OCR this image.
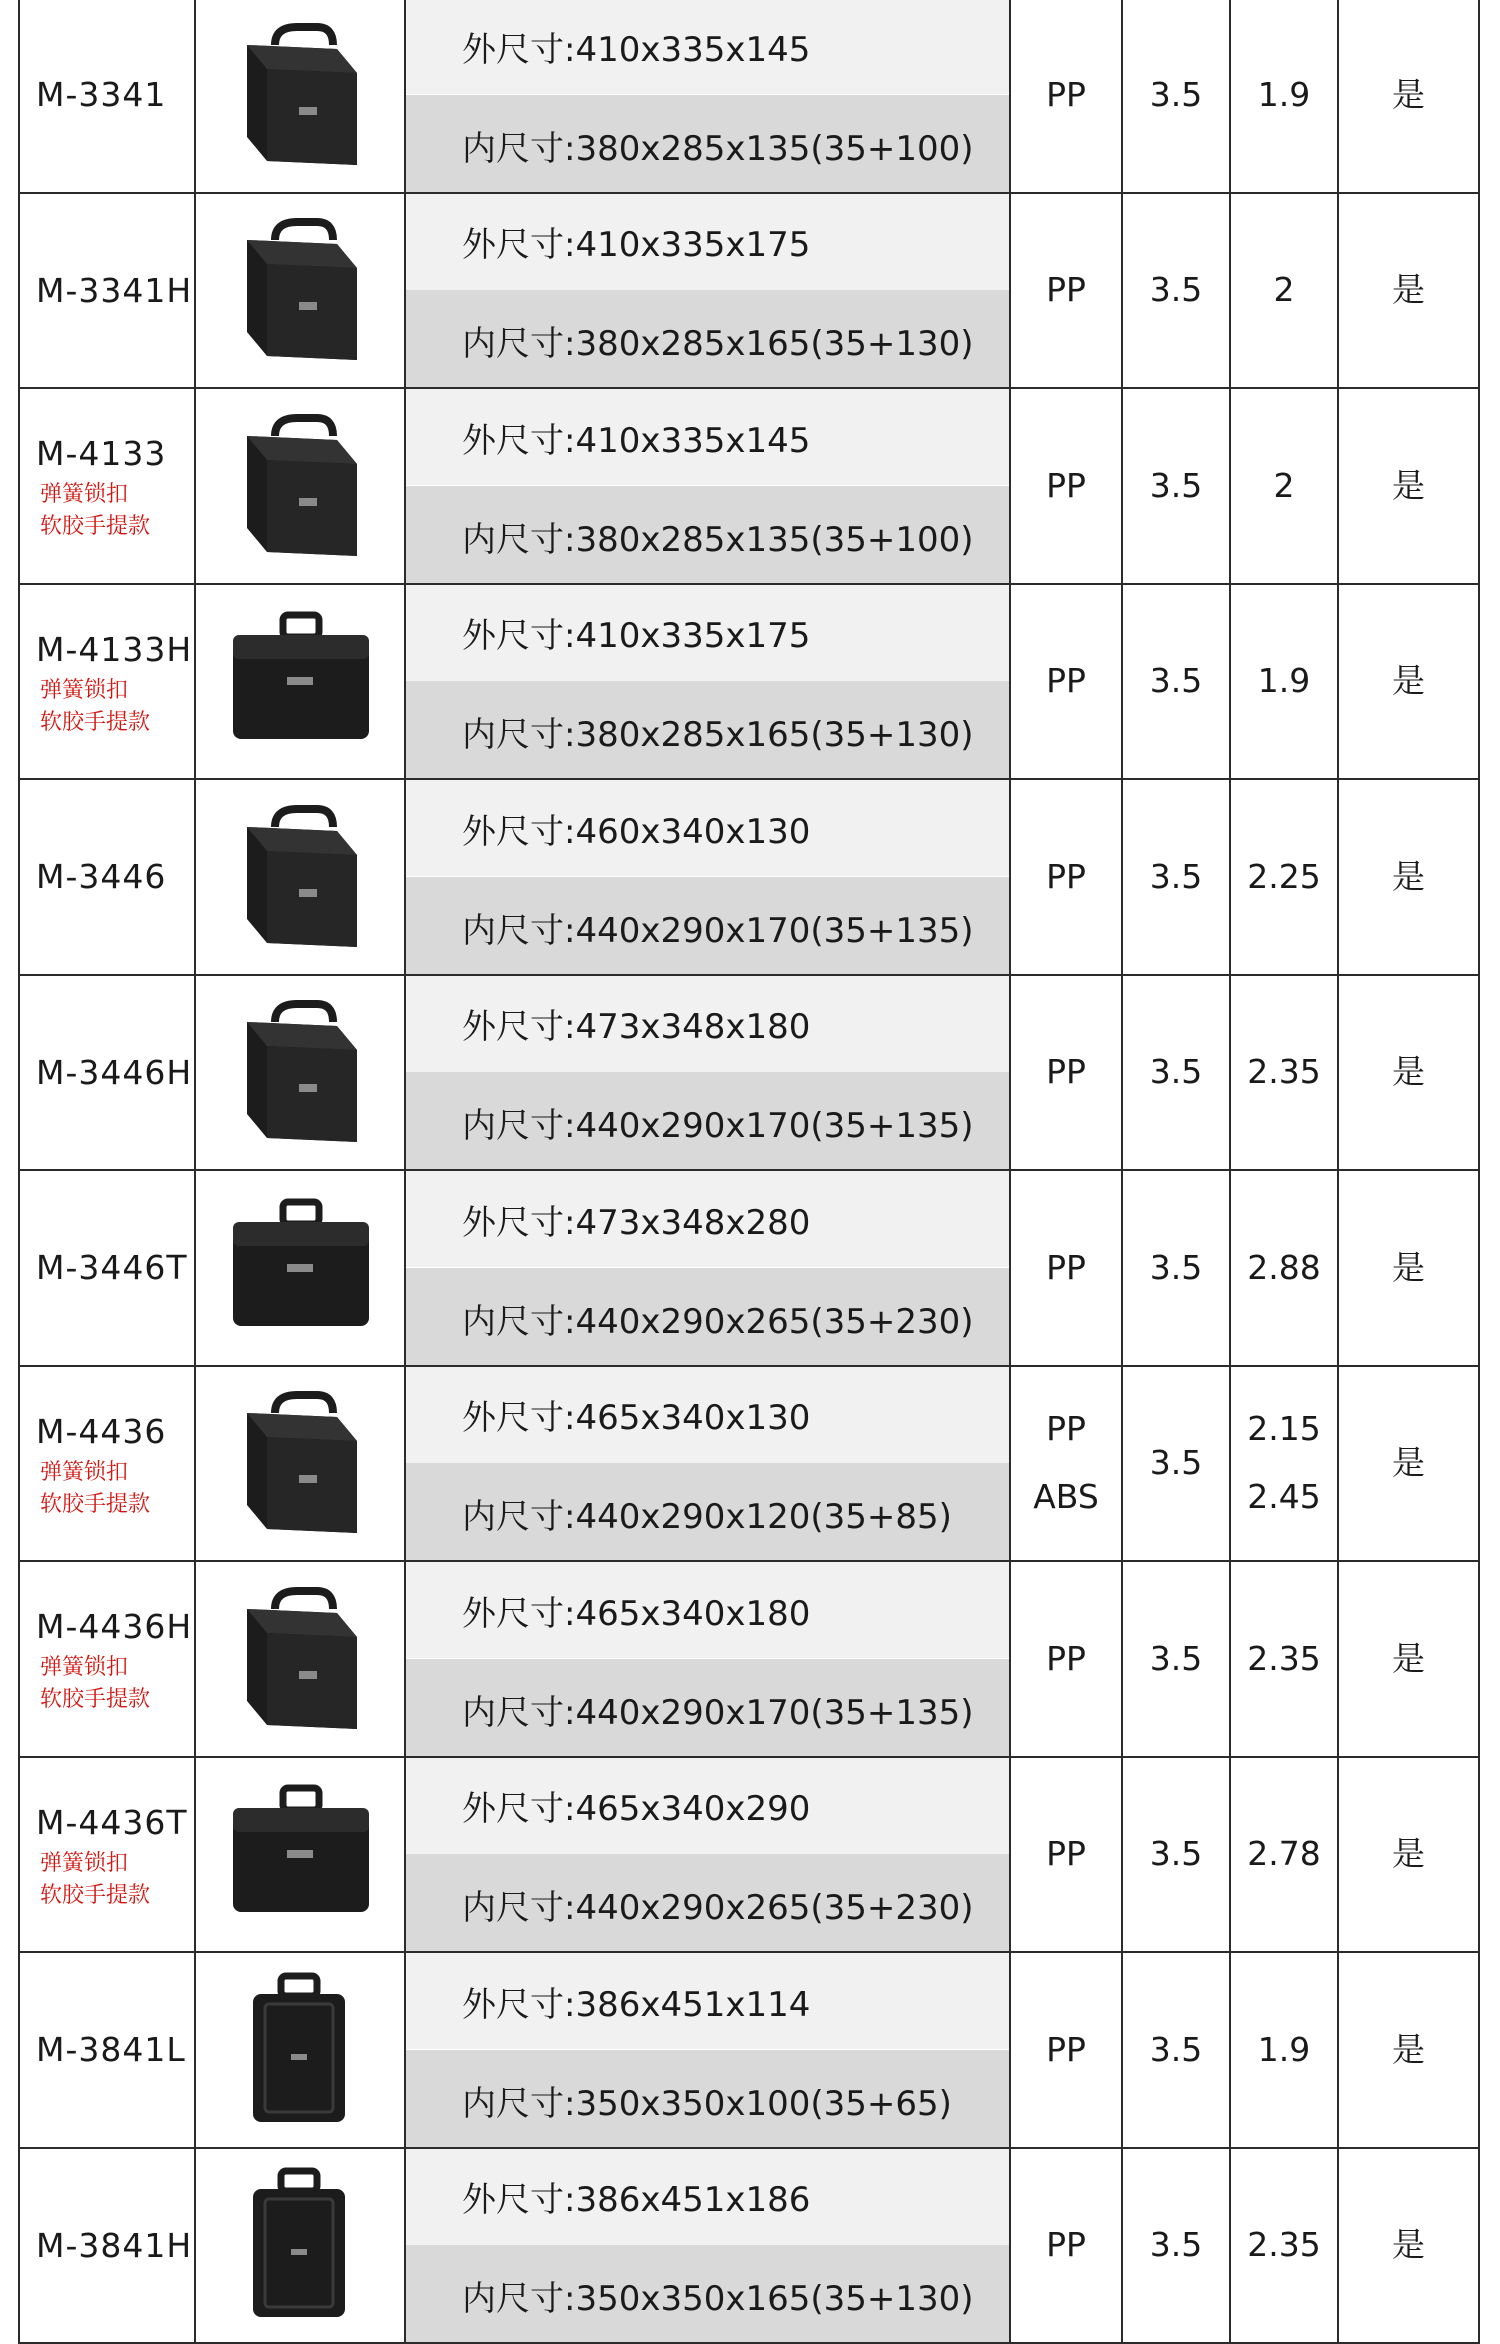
M-3341
外尺寸:410x335x145
内尺寸:380x285x135(35+100)
PP 3.5 1.9 是
M-3341H
外尺寸:410x335x175
内尺寸:380x285x165(35+130)
PP 3.5 2	是
M-4133
弹簧锁扣
软胶手提款
外尺寸:410x335x145
内尺寸:380x285x135(35+100)
PP 3.5 2	是
M-4133H
弹簧锁扣
软胶手提款
外尺寸:410x335x175
内尺寸:380x285x165(35+130)
PP 3.5 1.9 是
M-3446
外尺寸:460x340x130
内尺寸:440x290x170(35+135)
PP 3.5 2.25 是
M-3446H
外尺寸:473x348x180
内尺寸:440x290x170(35+135)
PP 3.5 2.35 是
M-3446T
外尺寸:473x348x280
内尺寸:440x290x265(35+230)
PP 3.5 2.88 是
M-4436
弹簧锁扣
软胶手提款
外尺寸:465x340x130
内尺寸:440x290x120(35+85)
PP
ABS
3.5
2.15
2.45
是
M-4436H
弹簧锁扣
软胶手提款
外尺寸:465x340x180
内尺寸:440x290x170(35+135)
PP 3.5 2.35 是
M-4436T
弹簧锁扣
软胶手提款
外尺寸:465x340x290
内尺寸:440x290x265(35+230)
PP 3.5 2.78 是
M-3841L
外尺寸:386x451x114
内尺寸:350x350x100(35+65)
PP 3.5 1.9 是
M-3841H
外尺寸:386x451x186
内尺寸:350x350x165(35+130)
PP 3.5 2.35 是
